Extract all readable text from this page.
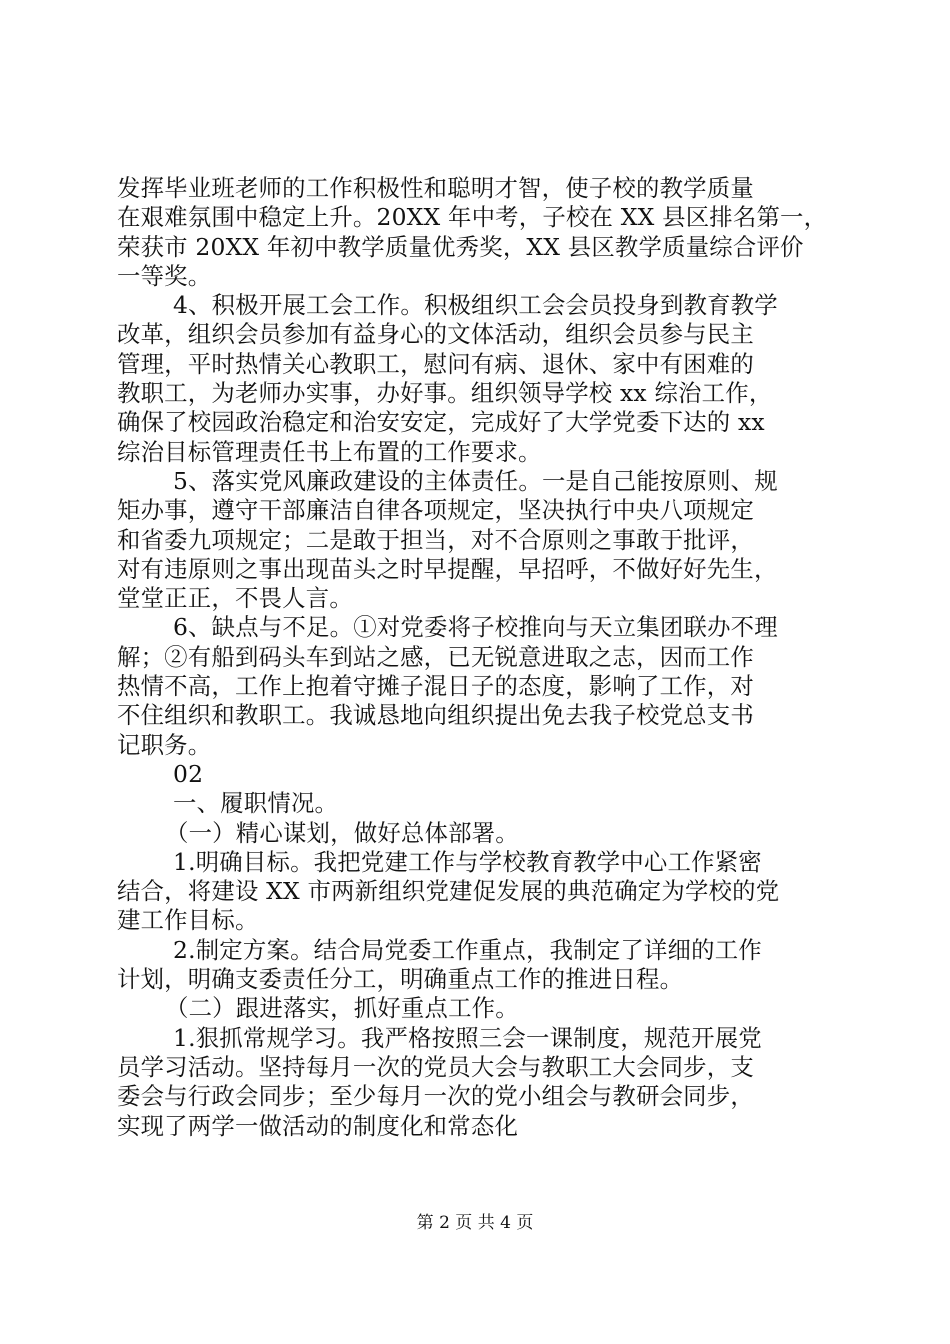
发挥毕业班老师的工作积极性和聪明才智，使子校的教学质量
在艰难氛围中稳定上升。20XX 年中考，子校在 XX 县区排名第一，
荣获市 20XX 年初中教学质量优秀奖，XX 县区教学质量综合评价
一等奖。
4、积极开展工会工作。积极组织工会会员投身到教育教学
改革，组织会员参加有益身心的文体活动，组织会员参与民主
管理，平时热情关心教职工，慰问有病、退休、家中有困难的
教职工，为老师办实事，办好事。组织领导学校 xx 综治工作，
确保了校园政治稳定和治安安定，完成好了大学党委下达的 xx
综治目标管理责任书上布置的工作要求。
5、落实党风廉政建设的主体责任。一是自己能按原则、规
矩办事，遵守干部廉洁自律各项规定，坚决执行中央八项规定
和省委九项规定；二是敢于担当，对不合原则之事敢于批评，
对有违原则之事出现苗头之时早提醒，早招呼，不做好好先生，
堂堂正正，不畏人言。
6、缺点与不足。①对党委将子校推向与天立集团联办不理
解；②有船到码头车到站之感，已无锐意进取之志，因而工作
热情不高，工作上抱着守摊子混日子的态度，影响了工作，对
不住组织和教职工。我诚恳地向组织提出免去我子校党总支书
记职务。
02
一、履职情况。
（一）精心谋划，做好总体部署。
1.明确目标。我把党建工作与学校教育教学中心工作紧密
结合，将建设 XX 市两新组织党建促发展的典范确定为学校的党
建工作目标。
2.制定方案。结合局党委工作重点，我制定了详细的工作
计划，明确支委责任分工，明确重点工作的推进日程。
（二）跟进落实，抓好重点工作。
1.狠抓常规学习。我严格按照三会一课制度，规范开展党
员学习活动。坚持每月一次的党员大会与教职工大会同步，支
委会与行政会同步；至少每月一次的党小组会与教研会同步，
实现了两学一做活动的制度化和常态化
第 2 页 共 4 页
